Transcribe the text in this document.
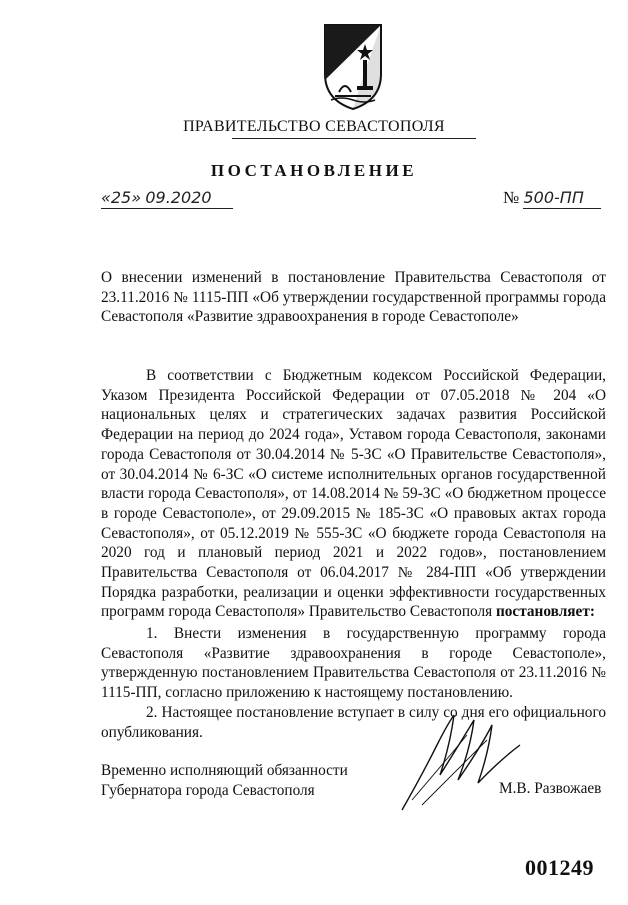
ПРАВИТЕЛЬСТВО СЕВАСТОПОЛЯ
ПОСТАНОВЛЕНИЕ
«25» 09.2020	№ 500-ПП

О внесении изменений в постановление Правительства Севастополя от 23.11.2016 № 1115-ПП «Об утверждении государственной программы города Севастополя «Развитие здравоохранения в городе Севастополе»

В соответствии с Бюджетным кодексом Российской Федерации, Указом Президента Российской Федерации от 07.05.2018 № 204 «О национальных целях и стратегических задачах развития Российской Федерации на период до 2024 года», Уставом города Севастополя, законами города Севастополя от 30.04.2014 № 5-ЗС «О Правительстве Севастополя», от 30.04.2014 № 6-ЗС «О системе исполнительных органов государственной власти города Севастополя», от 14.08.2014 № 59-ЗС «О бюджетном процессе в городе Севастополе», от 29.09.2015 № 185-ЗС «О правовых актах города Севастополя», от 05.12.2019 № 555-ЗС «О бюджете города Севастополя на 2020 год и плановый период 2021 и 2022 годов», постановлением Правительства Севастополя от 06.04.2017 № 284-ПП «Об утверждении Порядка разработки, реализации и оценки эффективности государственных программ города Севастополя» Правительство Севастополя постановляет:

1. Внести изменения в государственную программу города Севастополя «Развитие здравоохранения в городе Севастополе», утвержденную постановлением Правительства Севастополя от 23.11.2016 № 1115-ПП, согласно приложению к настоящему постановлению.

2. Настоящее постановление вступает в силу со дня его официального опубликования.

Временно исполняющий обязанности
Губернатора города Севастополя	М.В. Развожаев
001249
